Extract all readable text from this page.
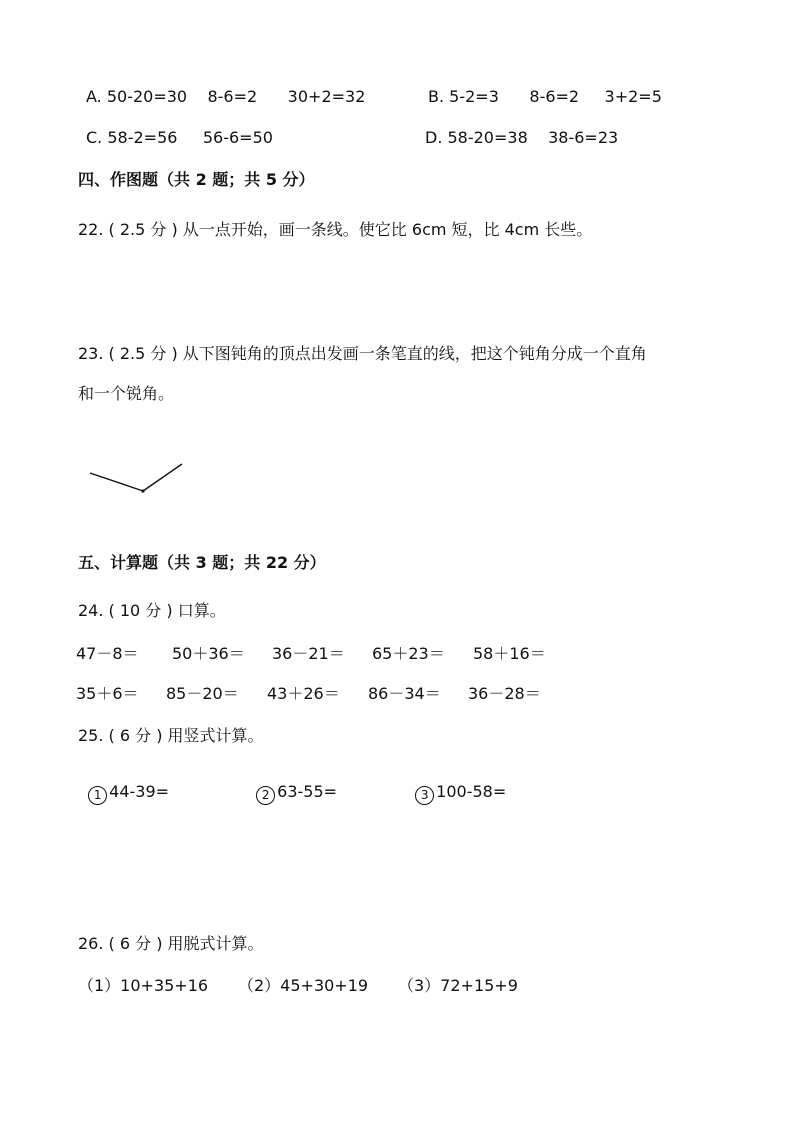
A. 50-20=30    8-6=2      30+2=32	B. 5-2=3      8-6=2     3+2=5
C. 58-2=56     56-6=50	D. 58-20=38    38-6=23
四、作图题（共 2 题；共 5 分）
22. ( 2.5 分 ) 从一点开始，画一条线。使它比 6cm 短，比 4cm 长些。
23. ( 2.5 分 ) 从下图钝角的顶点出发画一条笔直的线，把这个钝角分成一个直角
和一个锐角。
五、计算题（共 3 题；共 22 分）
24. ( 10 分 ) 口算。
47－8＝ 50＋36＝ 36－21＝ 65＋23＝ 58＋16＝
35＋6＝ 85－20＝ 43＋26＝ 86－34＝ 36－28＝
25. ( 6 分 ) 用竖式计算。

1 44-39=	2 63-55=	3 100-58=

26. ( 6 分 ) 用脱式计算。
（1）10+35+16 （2）45+30+19 （3）72+15+9
